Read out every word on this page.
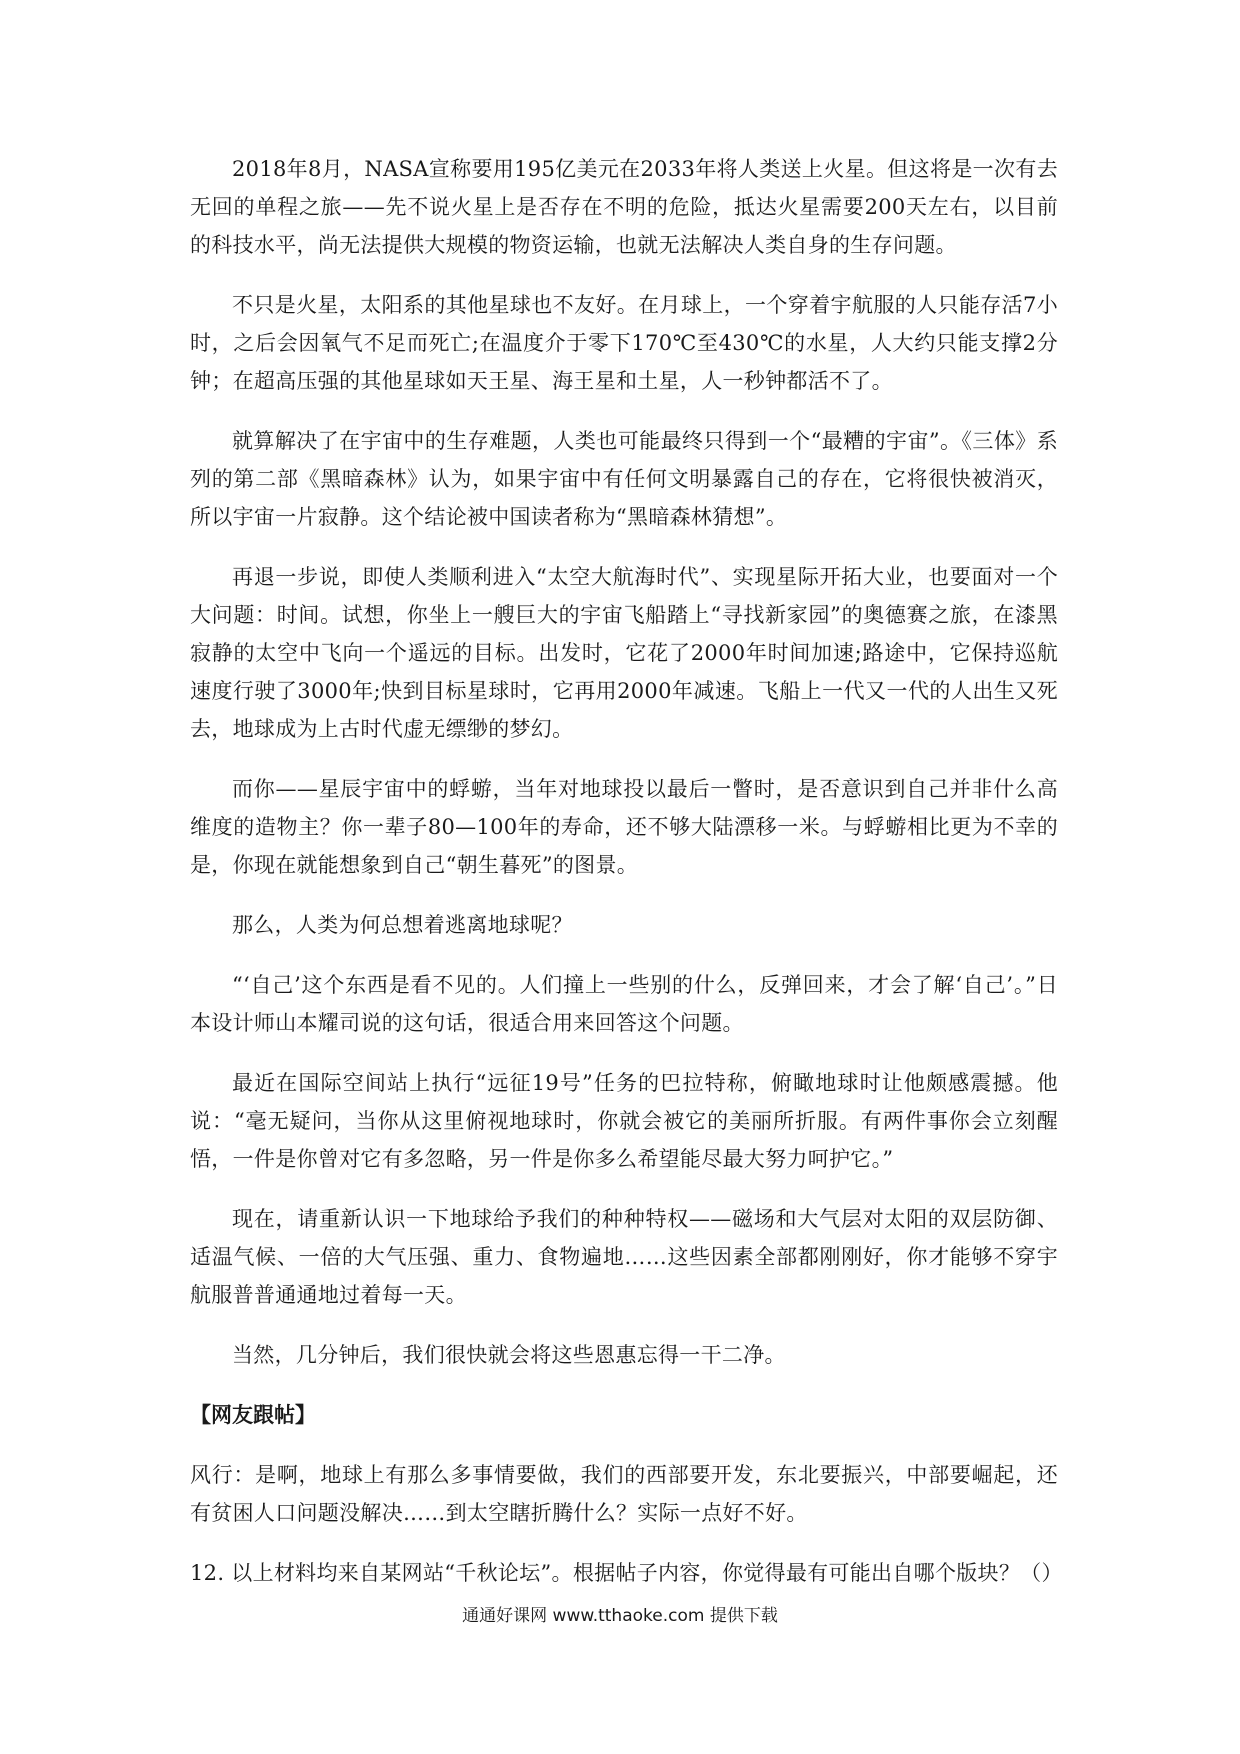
2018年8月，NASA宣称要用195亿美元在2033年将人类送上火星。但这将是一次有去无回的单程之旅——先不说火星上是否存在不明的危险，抵达火星需要200天左右，以目前的科技水平，尚无法提供大规模的物资运输，也就无法解决人类自身的生存问题。

不只是火星，太阳系的其他星球也不友好。在月球上，一个穿着宇航服的人只能存活7小时，之后会因氧气不足而死亡;在温度介于零下170℃至430℃的水星，人大约只能支撑2分钟；在超高压强的其他星球如天王星、海王星和土星，人一秒钟都活不了。

就算解决了在宇宙中的生存难题，人类也可能最终只得到一个“最糟的宇宙”。《三体》系列的第二部《黑暗森林》认为，如果宇宙中有任何文明暴露自己的存在，它将很快被消灭，所以宇宙一片寂静。这个结论被中国读者称为“黑暗森林猜想”。

再退一步说，即使人类顺利进入“太空大航海时代”、实现星际开拓大业，也要面对一个大问题：时间。试想，你坐上一艘巨大的宇宙飞船踏上“寻找新家园”的奥德赛之旅，在漆黑寂静的太空中飞向一个遥远的目标。出发时，它花了2000年时间加速;路途中，它保持巡航速度行驶了3000年;快到目标星球时，它再用2000年减速。飞船上一代又一代的人出生又死去，地球成为上古时代虚无缥缈的梦幻。

而你——星辰宇宙中的蜉蝣，当年对地球投以最后一瞥时，是否意识到自己并非什么高维度的造物主？你一辈子80—100年的寿命，还不够大陆漂移一米。与蜉蝣相比更为不幸的是，你现在就能想象到自己“朝生暮死”的图景。

那么，人类为何总想着逃离地球呢？

“‘自己’这个东西是看不见的。人们撞上一些别的什么，反弹回来，才会了解‘自己’。”日本设计师山本耀司说的这句话，很适合用来回答这个问题。

最近在国际空间站上执行“远征19号”任务的巴拉特称，俯瞰地球时让他颇感震撼。他说：“毫无疑问，当你从这里俯视地球时，你就会被它的美丽所折服。有两件事你会立刻醒悟，一件是你曾对它有多忽略，另一件是你多么希望能尽最大努力呵护它。”

现在，请重新认识一下地球给予我们的种种特权——磁场和大气层对太阳的双层防御、适温气候、一倍的大气压强、重力、食物遍地……这些因素全部都刚刚好，你才能够不穿宇航服普普通通地过着每一天。

当然，几分钟后，我们很快就会将这些恩惠忘得一干二净。

【网友跟帖】

风行：是啊，地球上有那么多事情要做，我们的西部要开发，东北要振兴，中部要崛起，还有贫困人口问题没解决……到太空瞎折腾什么？实际一点好不好。

12. 以上材料均来自某网站“千秋论坛”。根据帖子内容，你觉得最有可能出自哪个版块？（）

通通好课网 www.tthaoke.com 提供下载
